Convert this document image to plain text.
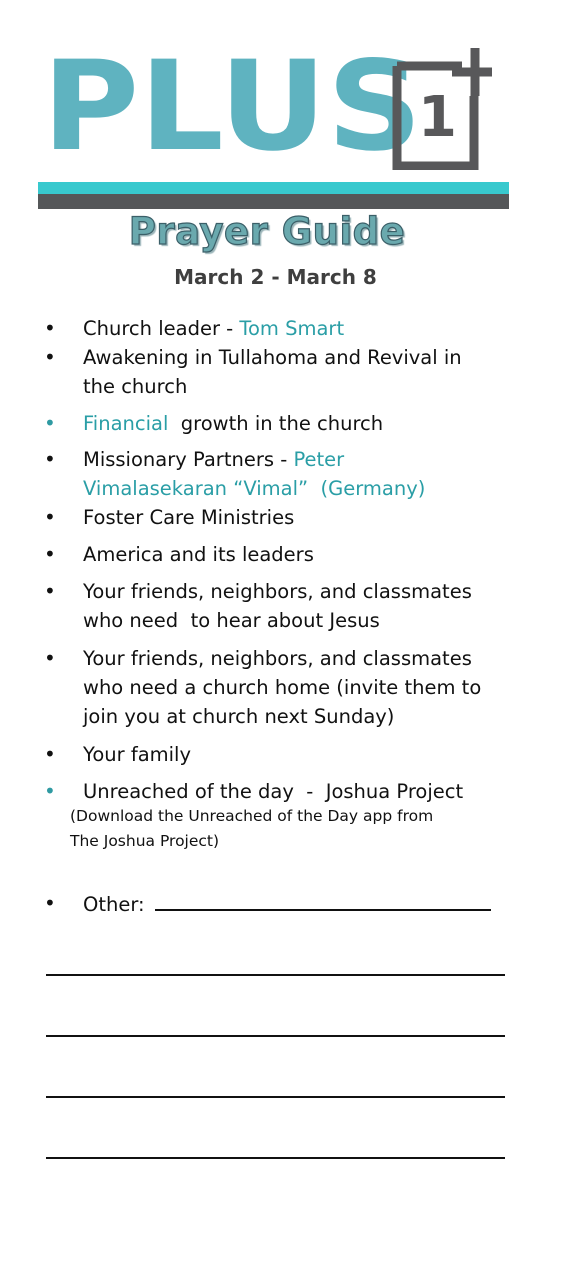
PLUS
1
Prayer Guide
March 2 - March 8
• Church leader - Tom Smart
• Awakening in Tullahoma and Revival in
the church
• Financial  growth in the church
• Missionary Partners - Peter
Vimalasekaran “Vimal”  (Germany)
• Foster Care Ministries
• America and its leaders
• Your friends, neighbors, and classmates
who need  to hear about Jesus
• Your friends, neighbors, and classmates
who need a church home (invite them to
join you at church next Sunday)
• Your family
• Unreached of the day  -  Joshua Project
(Download the Unreached of the Day app from
The Joshua Project)
• Other:
